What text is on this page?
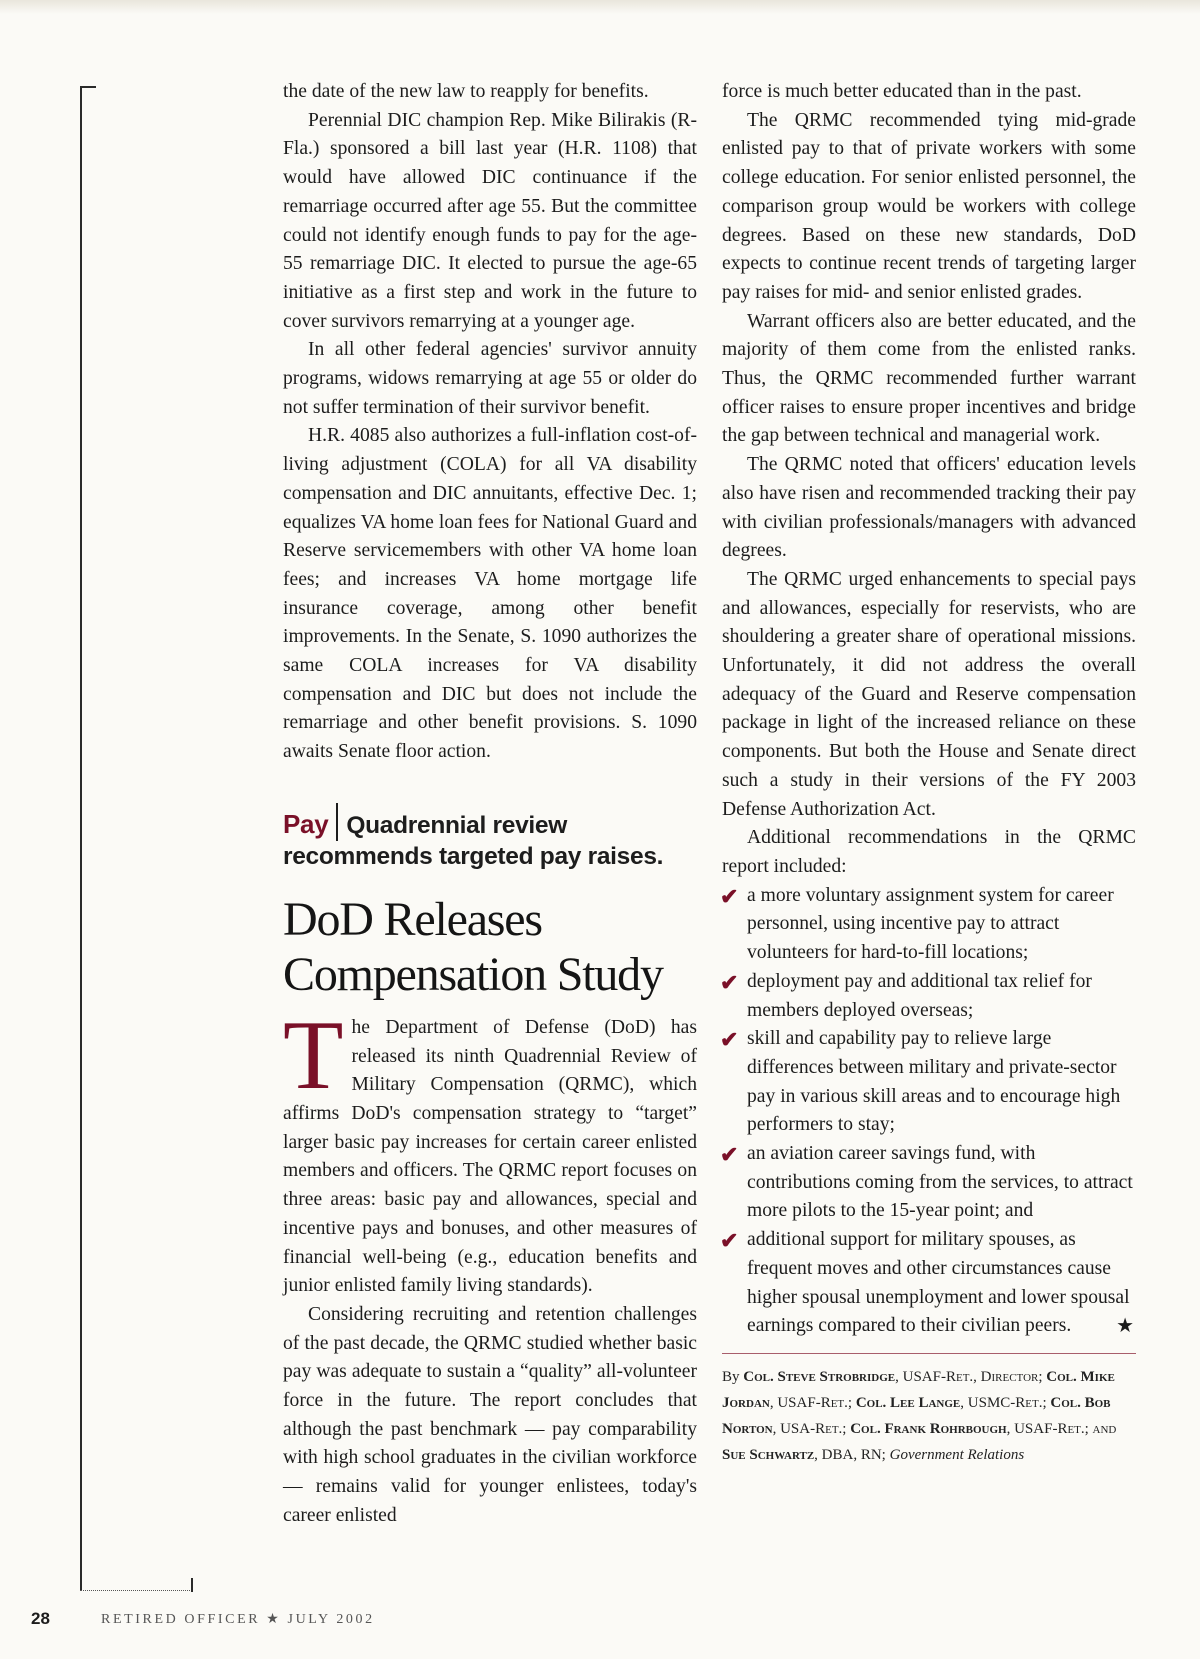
the date of the new law to reapply for benefits.

Perennial DIC champion Rep. Mike Bilirakis (R-Fla.) sponsored a bill last year (H.R. 1108) that would have allowed DIC continuance if the remarriage occurred after age 55. But the committee could not identify enough funds to pay for the age-55 remarriage DIC. It elected to pursue the age-65 initiative as a first step and work in the future to cover survivors remarrying at a younger age.

In all other federal agencies' survivor annuity programs, widows remarrying at age 55 or older do not suffer termination of their survivor benefit.

H.R. 4085 also authorizes a full-inflation cost-of-living adjustment (COLA) for all VA disability compensation and DIC annuitants, effective Dec. 1; equalizes VA home loan fees for National Guard and Reserve servicemembers with other VA home loan fees; and increases VA home mortgage life insurance coverage, among other benefit improvements. In the Senate, S. 1090 authorizes the same COLA increases for VA disability compensation and DIC but does not include the remarriage and other benefit provisions. S. 1090 awaits Senate floor action.

Pay Quadrennial review recommends targeted pay raises.
DoD Releases Compensation Study

The Department of Defense (DoD) has released its ninth Quadrennial Review of Military Compensation (QRMC), which affirms DoD's compensation strategy to “target” larger basic pay increases for certain career enlisted members and officers. The QRMC report focuses on three areas: basic pay and allowances, special and incentive pays and bonuses, and other measures of financial well-being (e.g., education benefits and junior enlisted family living standards).

Considering recruiting and retention challenges of the past decade, the QRMC studied whether basic pay was adequate to sustain a “quality” all-volunteer force in the future. The report concludes that although the past benchmark — pay comparability with high school graduates in the civilian workforce — remains valid for younger enlistees, today's career enlisted

force is much better educated than in the past.

The QRMC recommended tying mid-grade enlisted pay to that of private workers with some college education. For senior enlisted personnel, the comparison group would be workers with college degrees. Based on these new standards, DoD expects to continue recent trends of targeting larger pay raises for mid- and senior enlisted grades.

Warrant officers also are better educated, and the majority of them come from the enlisted ranks. Thus, the QRMC recommended further warrant officer raises to ensure proper incentives and bridge the gap between technical and managerial work.

The QRMC noted that officers' education levels also have risen and recommended tracking their pay with civilian professionals/managers with advanced degrees.

The QRMC urged enhancements to special pays and allowances, especially for reservists, who are shouldering a greater share of operational missions. Unfortunately, it did not address the overall adequacy of the Guard and Reserve compensation package in light of the increased reliance on these components. But both the House and Senate direct such a study in their versions of the FY 2003 Defense Authorization Act.

Additional recommendations in the QRMC report included:

✔ a more voluntary assignment system for career personnel, using incentive pay to attract volunteers for hard-to-fill locations;
✔ deployment pay and additional tax relief for members deployed overseas;
✔ skill and capability pay to relieve large differences between military and private-sector pay in various skill areas and to encourage high performers to stay;
✔ an aviation career savings fund, with contributions coming from the services, to attract more pilots to the 15-year point; and
✔ additional support for military spouses, as frequent moves and other circumstances cause higher spousal unemployment and lower spousal earnings compared to their civilian peers. ★
By Col. Steve Strobridge, USAF-Ret., Director; Col. Mike Jordan, USAF-Ret.; Col. Lee Lange, USMC-Ret.; Col. Bob Norton, USA-Ret.; Col. Frank Rohrbough, USAF-Ret.; and Sue Schwartz, DBA, RN; Government Relations
28	RETIRED OFFICER ★ JULY 2002
